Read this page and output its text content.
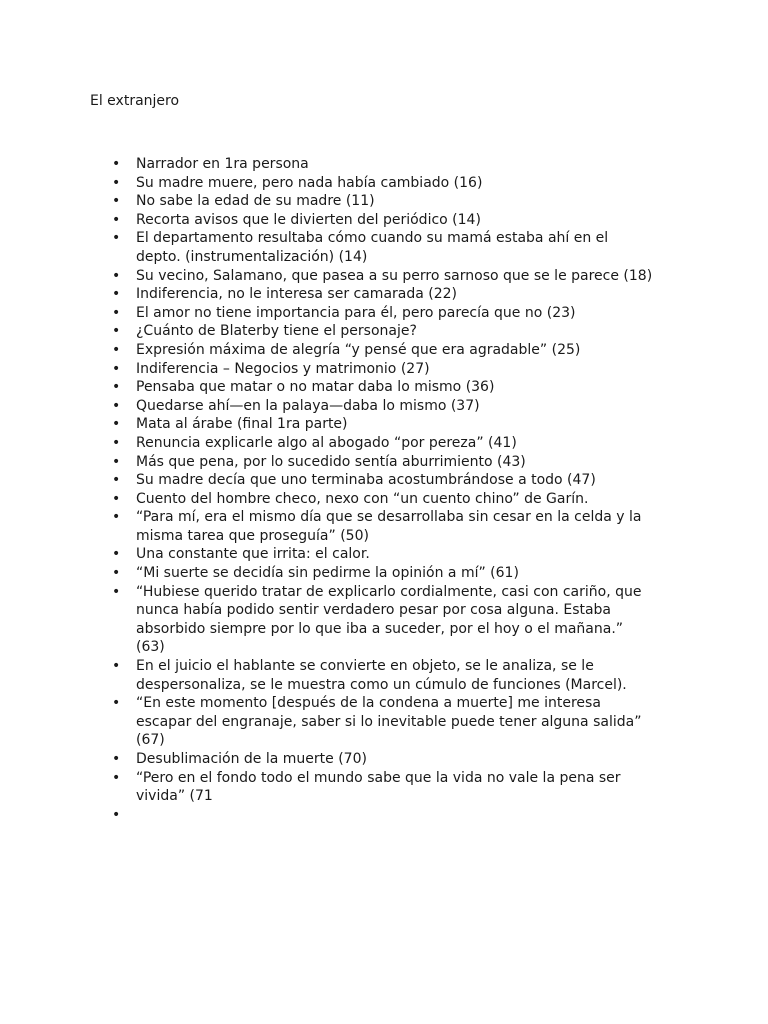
El extranjero
• Narrador en 1ra persona
• Su madre muere, pero nada había cambiado (16)
• No sabe la edad de su madre (11)
• Recorta avisos que le divierten del periódico (14)
• El departamento resultaba cómo cuando su mamá estaba ahí en el depto. (instrumentalización) (14)
• Su vecino, Salamano, que pasea a su perro sarnoso que se le parece (18)
• Indiferencia, no le interesa ser camarada (22)
• El amor no tiene importancia para él, pero parecía que no (23)
• ¿Cuánto de Blaterby tiene el personaje?
• Expresión máxima de alegría “y pensé que era agradable” (25)
• Indiferencia – Negocios y matrimonio (27)
• Pensaba que matar o no matar daba lo mismo (36)
• Quedarse ahí—en la palaya—daba lo mismo (37)
• Mata al árabe (final 1ra parte)
• Renuncia explicarle algo al abogado “por pereza” (41)
• Más que pena, por lo sucedido sentía aburrimiento (43)
• Su madre decía que uno terminaba acostumbrándose a todo (47)
• Cuento del hombre checo, nexo con “un cuento chino” de Garín.
• “Para mí, era el mismo día que se desarrollaba sin cesar en la celda y la misma tarea que proseguía” (50)
• Una constante que irrita: el calor.
• “Mi suerte se decidía sin pedirme la opinión a mí” (61)
• “Hubiese querido tratar de explicarlo cordialmente, casi con cariño, que nunca había podido sentir verdadero pesar por cosa alguna. Estaba absorbido siempre por lo que iba a suceder, por el hoy o el mañana.” (63)
• En el juicio el hablante se convierte en objeto, se le analiza, se le despersonaliza, se le muestra como un cúmulo de funciones (Marcel).
• “En este momento [después de la condena a muerte] me interesa escapar del engranaje, saber si lo inevitable puede tener alguna salida” (67)
• Desublimación de la muerte (70)
• “Pero en el fondo todo el mundo sabe que la vida no vale la pena ser vivida” (71
•
